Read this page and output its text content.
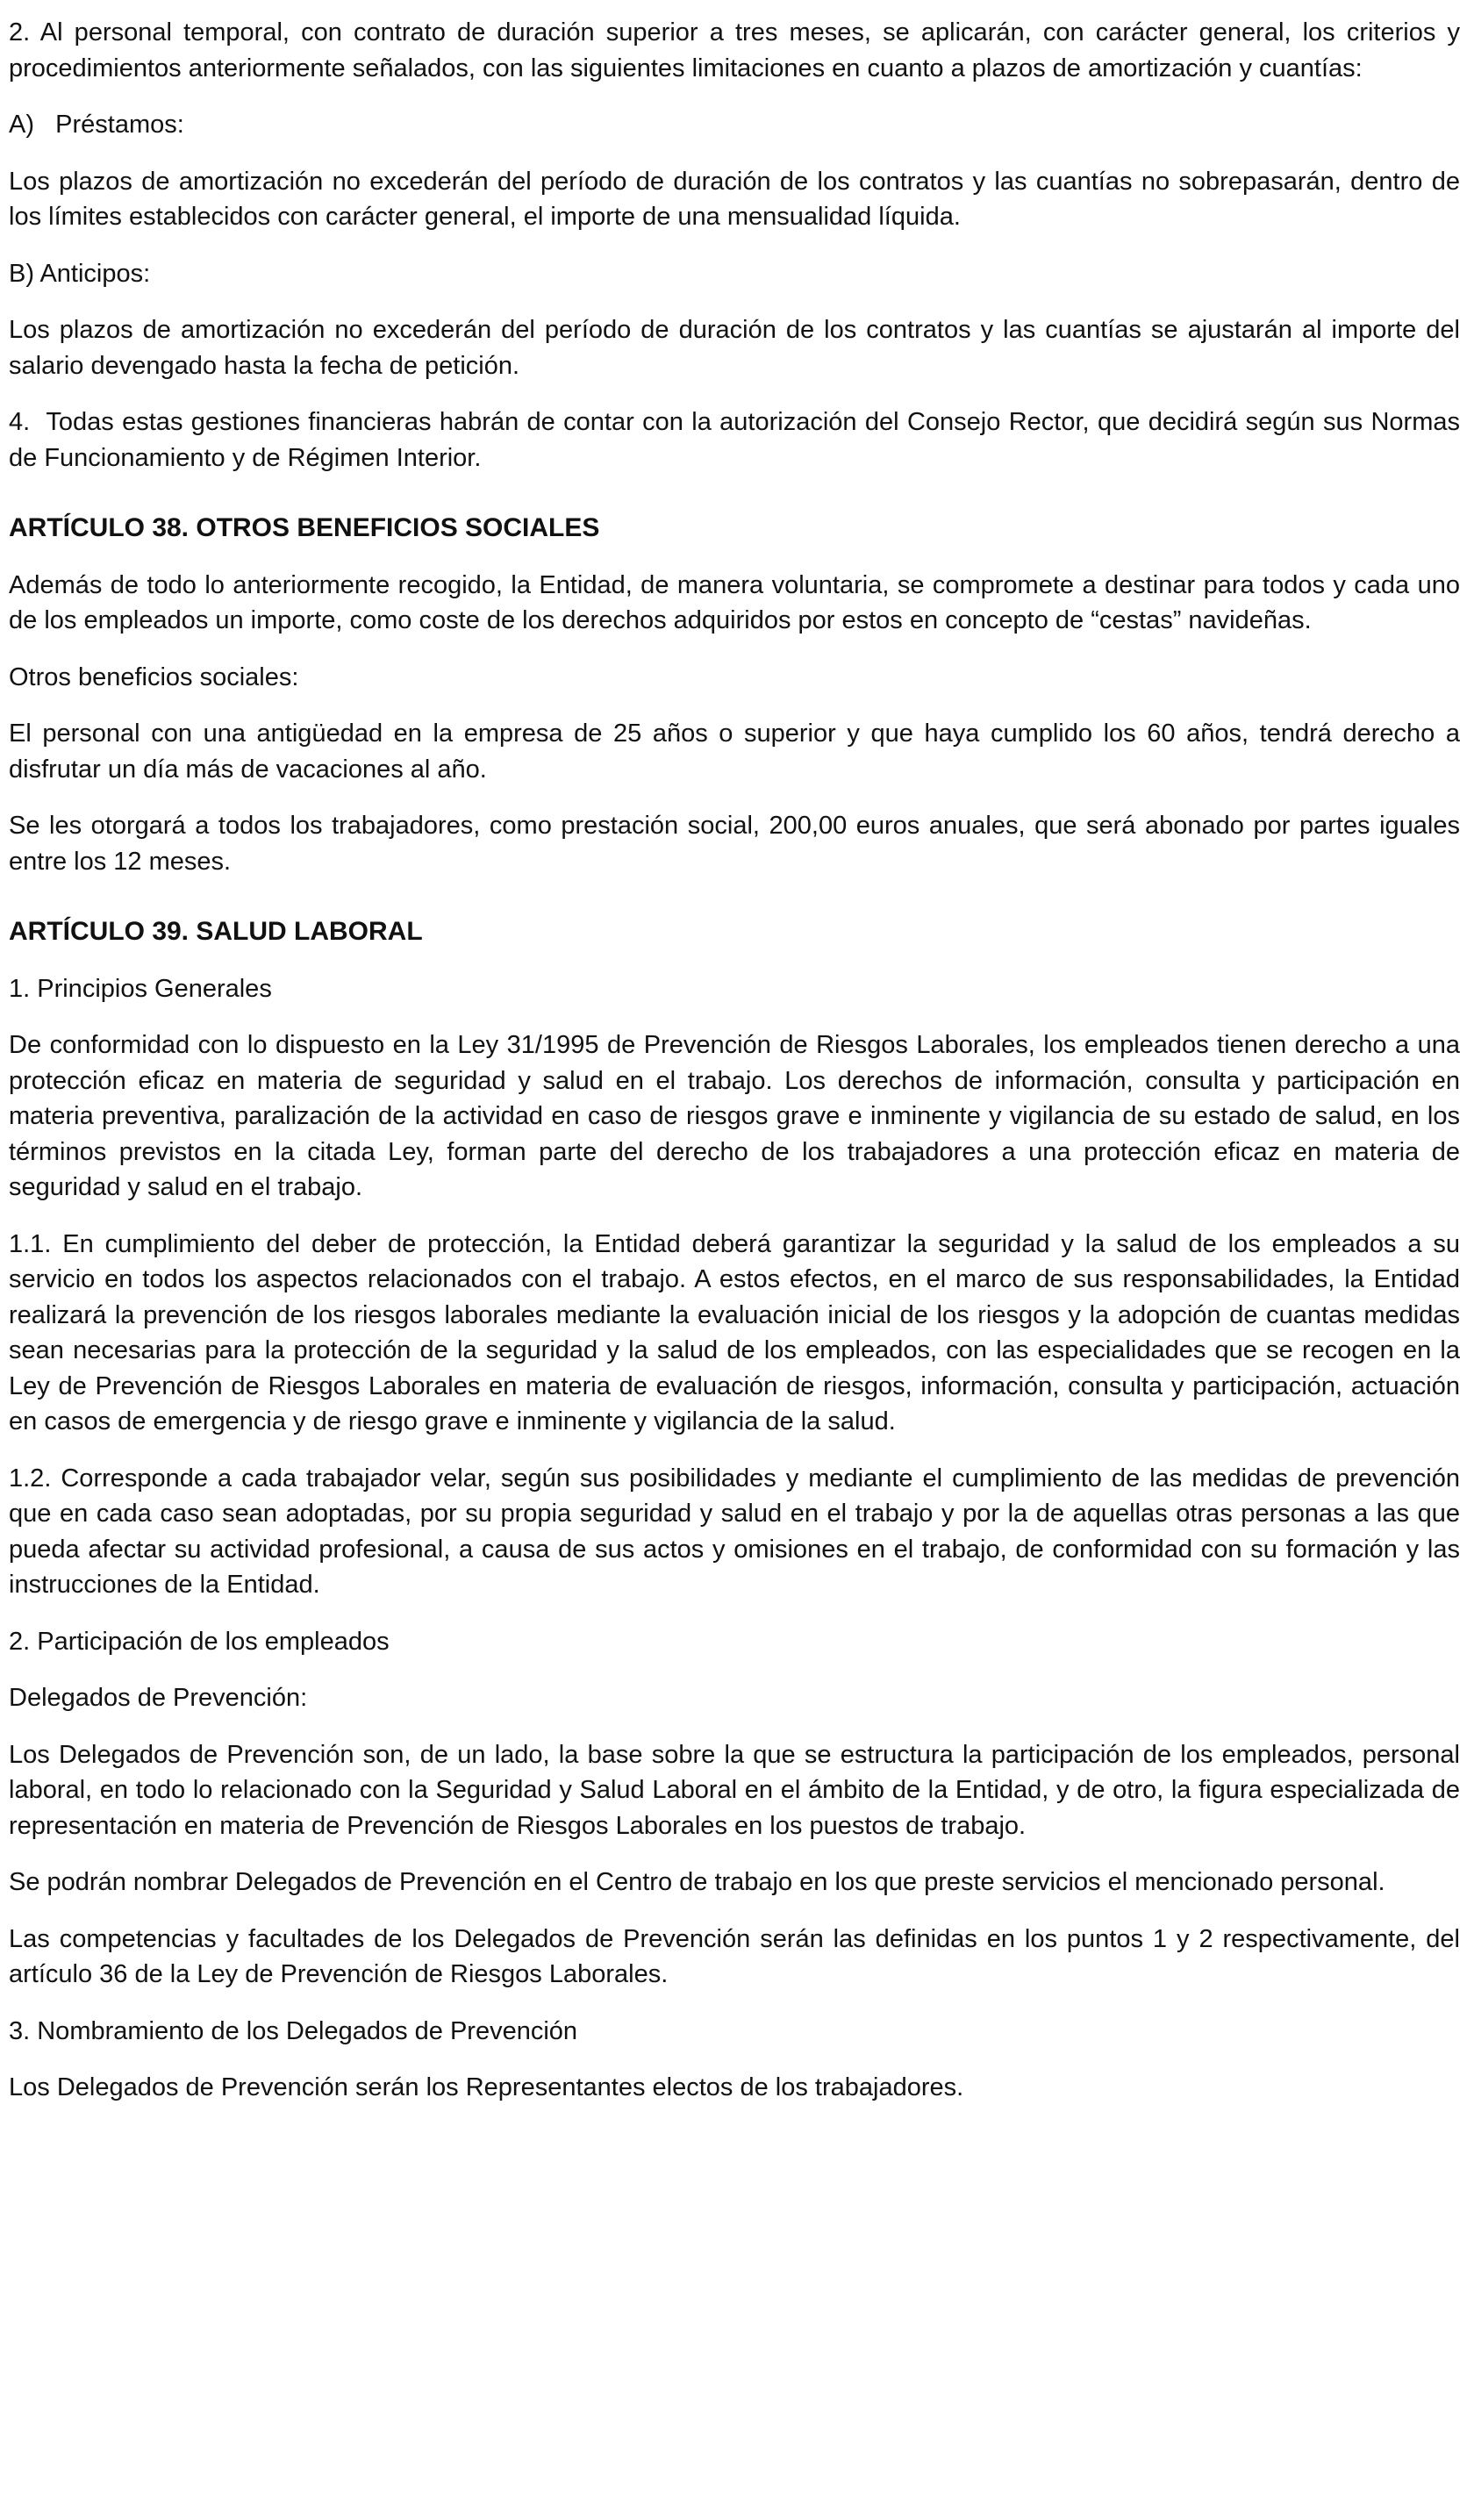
2. Al personal temporal, con contrato de duración superior a tres meses, se aplicarán, con carácter general, los criterios y procedimientos anteriormente señalados, con las siguientes limitaciones en cuanto a plazos de amortización y cuantías:

A)   Préstamos:

Los plazos de amortización no excederán del período de duración de los contratos y las cuantías no sobrepasarán, dentro de los límites establecidos con carácter general, el importe de una mensualidad líquida.

B) Anticipos:

Los plazos de amortización no excederán del período de duración de los contratos y las cuantías se ajustarán al importe del salario devengado hasta la fecha de petición.

4.  Todas estas gestiones financieras habrán de contar con la autorización del Consejo Rector, que decidirá según sus Normas de Funcionamiento y de Régimen Interior.

ARTÍCULO 38. OTROS BENEFICIOS SOCIALES

Además de todo lo anteriormente recogido, la Entidad, de manera voluntaria, se compromete a destinar para todos y cada uno de los empleados un importe, como coste de los derechos adquiridos por estos en concepto de “cestas” navideñas.

Otros beneficios sociales:

El personal con una antigüedad en la empresa de 25 años o superior y que haya cumplido los 60 años, tendrá derecho a disfrutar un día más de vacaciones al año.

Se les otorgará a todos los trabajadores, como prestación social, 200,00 euros anuales, que será abonado por partes iguales entre los 12 meses.

ARTÍCULO 39. SALUD LABORAL

1. Principios Generales

De conformidad con lo dispuesto en la Ley 31/1995 de Prevención de Riesgos Laborales, los empleados tienen derecho a una protección eficaz en materia de seguridad y salud en el trabajo. Los derechos de información, consulta y participación en materia preventiva, paralización de la actividad en caso de riesgos grave e inminente y vigilancia de su estado de salud, en los términos previstos en la citada Ley, forman parte del derecho de los trabajadores a una protección eficaz en materia de seguridad y salud en el trabajo.

1.1. En cumplimiento del deber de protección, la Entidad deberá garantizar la seguridad y la salud de los empleados a su servicio en todos los aspectos relacionados con el trabajo. A estos efectos, en el marco de sus responsabilidades, la Entidad realizará la prevención de los riesgos laborales mediante la evaluación inicial de los riesgos y la adopción de cuantas medidas sean necesarias para la protección de la seguridad y la salud de los empleados, con las especialidades que se recogen en la Ley de Prevención de Riesgos Laborales en materia de evaluación de riesgos, información, consulta y participación, actuación en casos de emergencia y de riesgo grave e inminente y vigilancia de la salud.

1.2. Corresponde a cada trabajador velar, según sus posibilidades y mediante el cumplimiento de las medidas de prevención que en cada caso sean adoptadas, por su propia seguridad y salud en el trabajo y por la de aquellas otras personas a las que pueda afectar su actividad profesional, a causa de sus actos y omisiones en el trabajo, de conformidad con su formación y las instrucciones de la Entidad.

2. Participación de los empleados

Delegados de Prevención:

Los Delegados de Prevención son, de un lado, la base sobre la que se estructura la participación de los empleados, personal laboral, en todo lo relacionado con la Seguridad y Salud Laboral en el ámbito de la Entidad, y de otro, la figura especializada de representación en materia de Prevención de Riesgos Laborales en los puestos de trabajo.

Se podrán nombrar Delegados de Prevención en el Centro de trabajo en los que preste servicios el mencionado personal.

Las competencias y facultades de los Delegados de Prevención serán las definidas en los puntos 1 y 2 respectivamente, del artículo 36 de la Ley de Prevención de Riesgos Laborales.

3. Nombramiento de los Delegados de Prevención

Los Delegados de Prevención serán los Representantes electos de los trabajadores.
